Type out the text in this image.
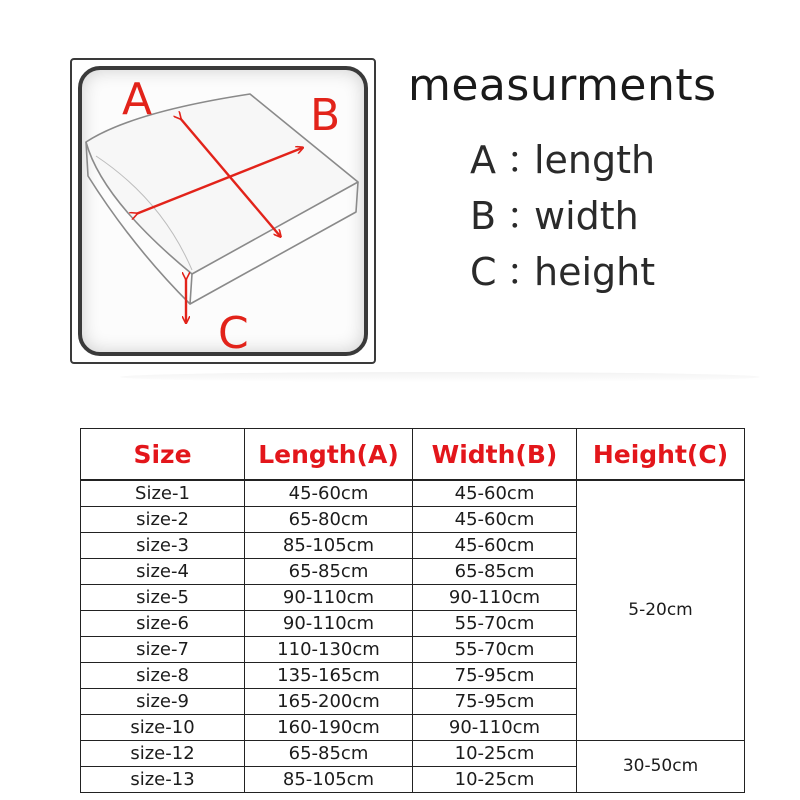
A	B
C
measurments
A ：length
B ：width
C ：height
Size	Length(A)	Width(B)	Height(C)
Size-1	45-60cm	45-60cm	5-20cm
size-2	65-80cm	45-60cm	
size-3	85-105cm	45-60cm	
size-4	65-85cm	65-85cm	
size-5	90-110cm	90-110cm	
size-6	90-110cm	55-70cm	
size-7	110-130cm	55-70cm	
size-8	135-165cm	75-95cm	
size-9	165-200cm	75-95cm	
size-10	160-190cm	90-110cm	
size-12	65-85cm	10-25cm	30-50cm
size-13	85-105cm	10-25cm	
